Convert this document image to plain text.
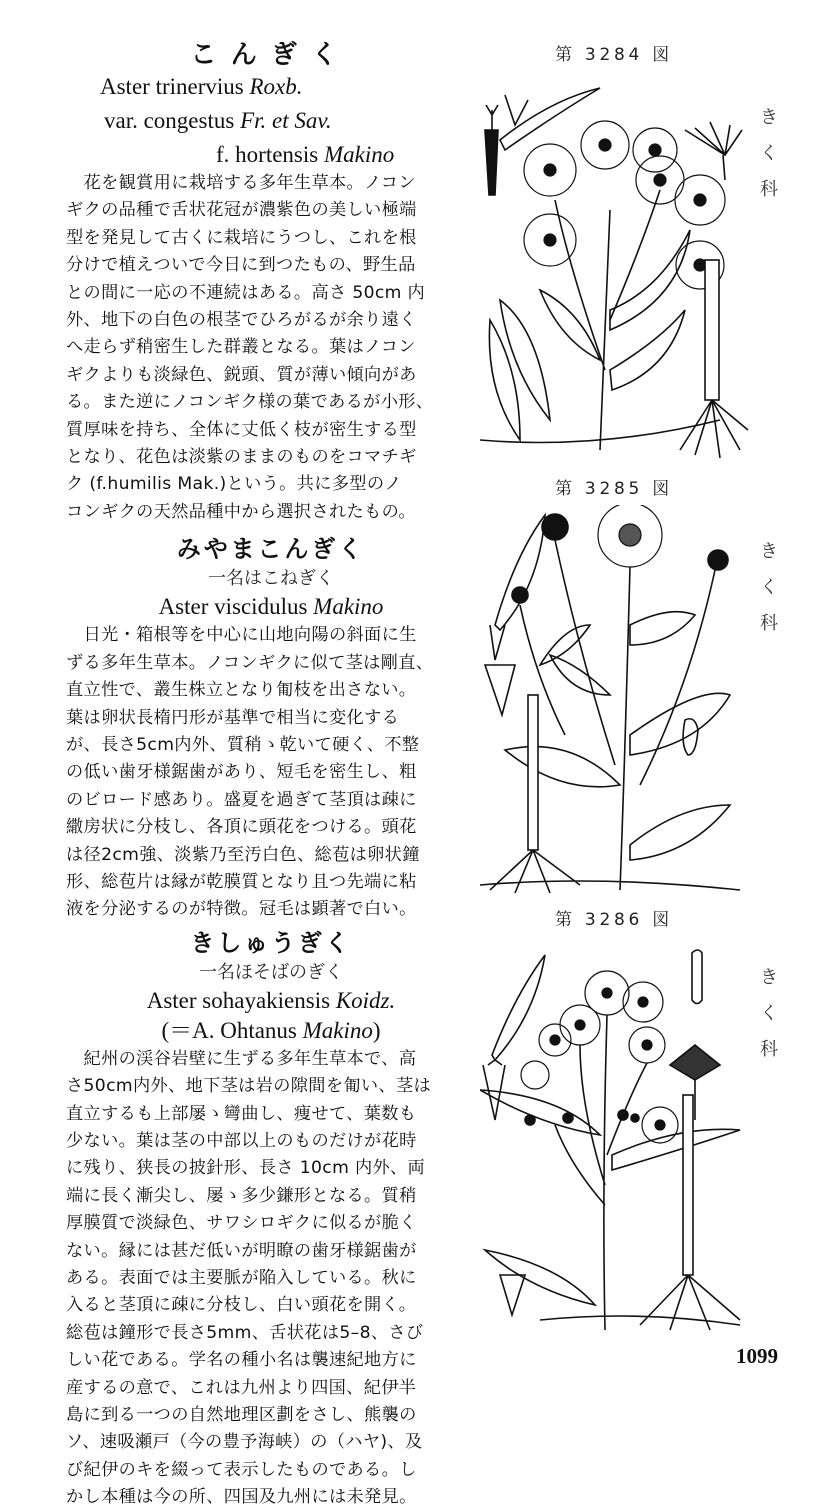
こんぎく
Aster trinervius Roxb.
var. congestus Fr. et Sav.
f. hortensis Makino

　花を観賞用に栽培する多年生草本。ノコン
ギクの品種で舌状花冠が濃紫色の美しい極端
型を発見して古くに栽培にうつし、これを根
分けで植えついで今日に到つたもの、野生品
との間に一応の不連続はある。高さ 50cm 内
外、地下の白色の根茎でひろがるが余り遠く
へ走らず稍密生した群叢となる。葉はノコン
ギクよりも淡緑色、鋭頭、質が薄い傾向があ
る。また逆にノコンギク様の葉であるが小形、
質厚味を持ち、全体に丈低く枝が密生する型
となり、花色は淡紫のままのものをコマチギ
ク (f.humilis Mak.)という。共に多型のノ
コンギクの天然品種中から選択されたもの。

みやまこんぎく
一名はこねぎく
Aster viscidulus Makino

　日光・箱根等を中心に山地向陽の斜面に生
ずる多年生草本。ノコンギクに似て茎は剛直、
直立性で、叢生株立となり匍枝を出さない。
葉は卵状長楕円形が基準で相当に変化する
が、長さ5cm内外、質稍ゝ乾いて硬く、不整
の低い歯牙様鋸歯があり、短毛を密生し、粗
のビロード感あり。盛夏を過ぎて茎頂は疎に
繖房状に分枝し、各頂に頭花をつける。頭花
は径2cm強、淡紫乃至汚白色、総苞は卵状鐘
形、総苞片は縁が乾膜質となり且つ先端に粘
液を分泌するのが特徴。冠毛は顕著で白い。

きしゅうぎく
一名ほそばのぎく
Aster sohayakiensis Koidz.
(＝A. Ohtanus Makino)

　紀州の渓谷岩壁に生ずる多年生草本で、高
さ50cm内外、地下茎は岩の隙間を匍い、茎は
直立するも上部屡ゝ彎曲し、痩せて、葉数も
少ない。葉は茎の中部以上のものだけが花時
に残り、狭長の披針形、長さ 10cm 内外、両
端に長く漸尖し、屡ゝ多少鎌形となる。質稍
厚膜質で淡緑色、サワシロギクに似るが脆く
ない。縁には甚だ低いが明瞭の歯牙様鋸歯が
ある。表面では主要脈が陥入している。秋に
入ると茎頂に疎に分枝し、白い頭花を開く。
総苞は鐘形で長さ5mm、舌状花は5–8、さび
しい花である。学名の種小名は襲速紀地方に
産するの意で、これは九州より四国、紀伊半
島に到る一つの自然地理区劃をさし、熊襲の
ソ、速吸瀬戸（今の豊予海峡）の（ハヤ)、及
び紀伊のキを綴って表示したものである。し
かし本種は今の所、四国及九州には未発見。

第 3284 図
第 3285 図
第 3286 図
き
く
科
き
く
科
き
く
科
1099
